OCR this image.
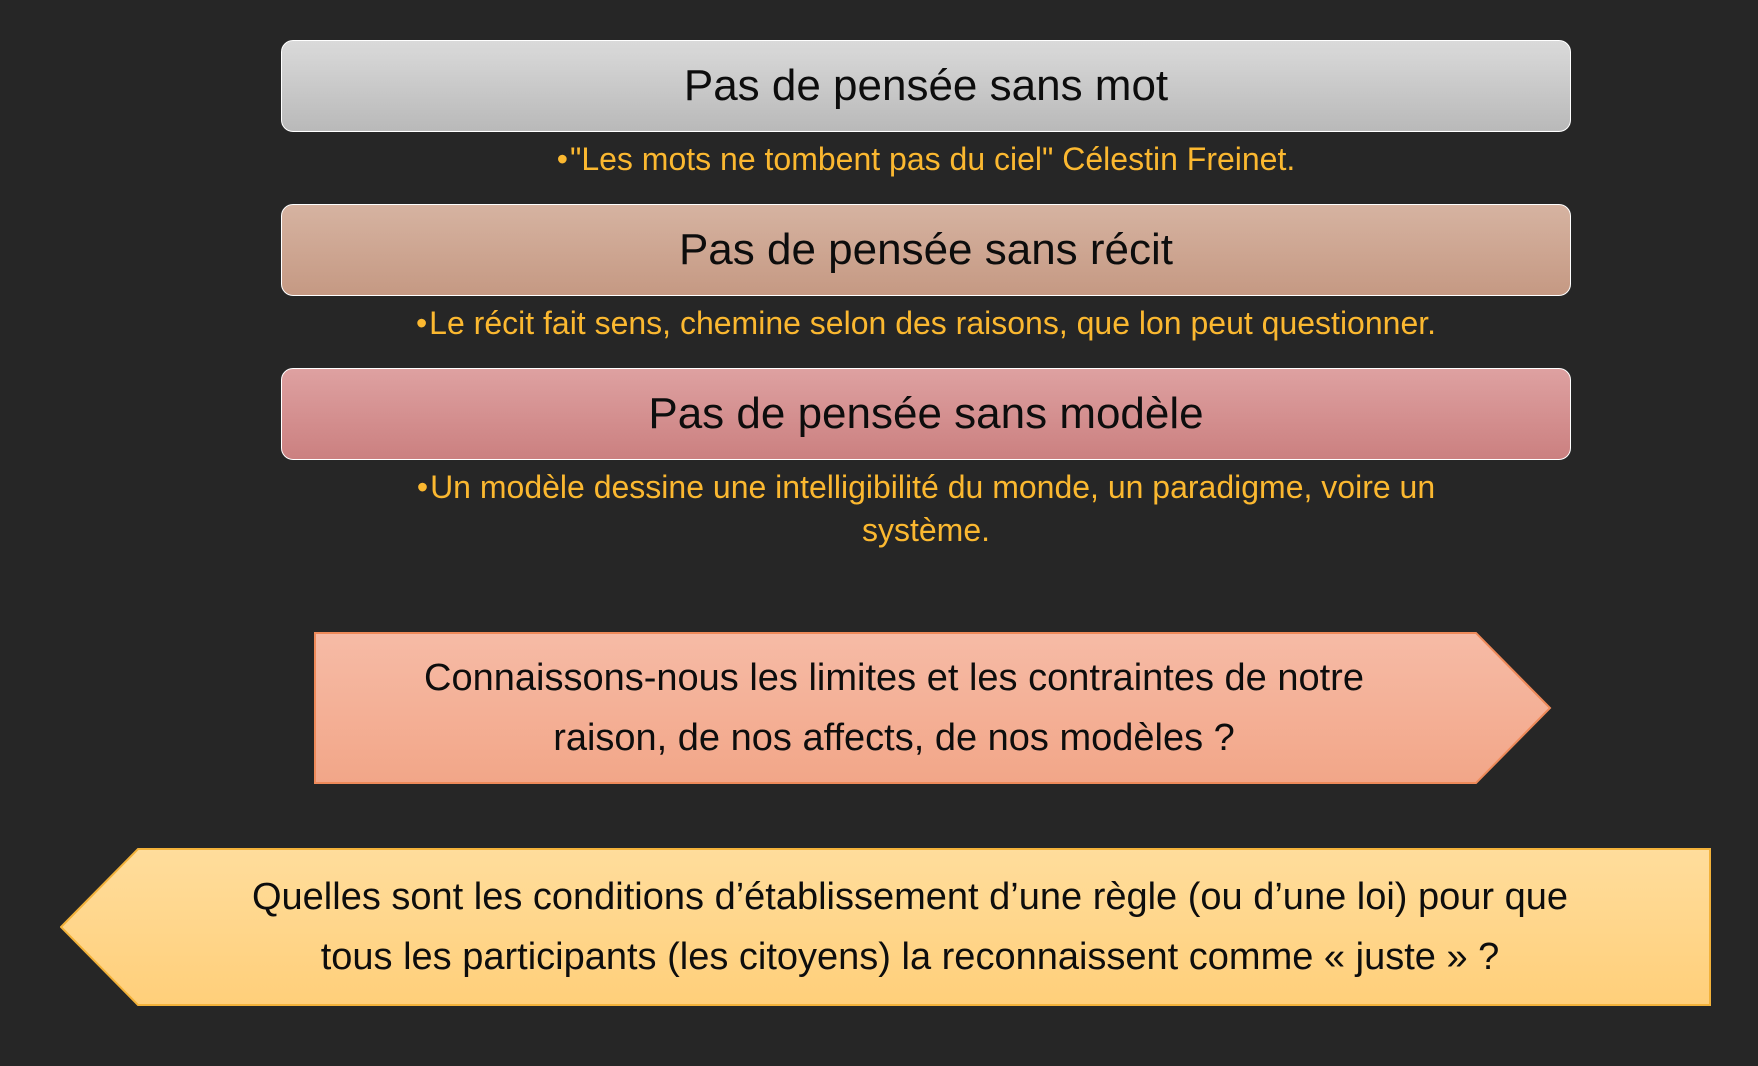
Pas de pensée sans mot
•"Les mots ne tombent pas du ciel" Célestin Freinet.
Pas de pensée sans récit
•Le récit fait sens, chemine selon des raisons, que lon peut questionner.
Pas de pensée sans modèle
•Un modèle dessine une intelligibilité du monde, un paradigme, voire un
système.
Connaissons-nous les limites et les contraintes de notre
raison, de nos affects, de nos modèles ?
Quelles sont les conditions d’établissement d’une règle (ou d’une loi) pour que
tous les participants (les citoyens) la reconnaissent comme « juste » ?
